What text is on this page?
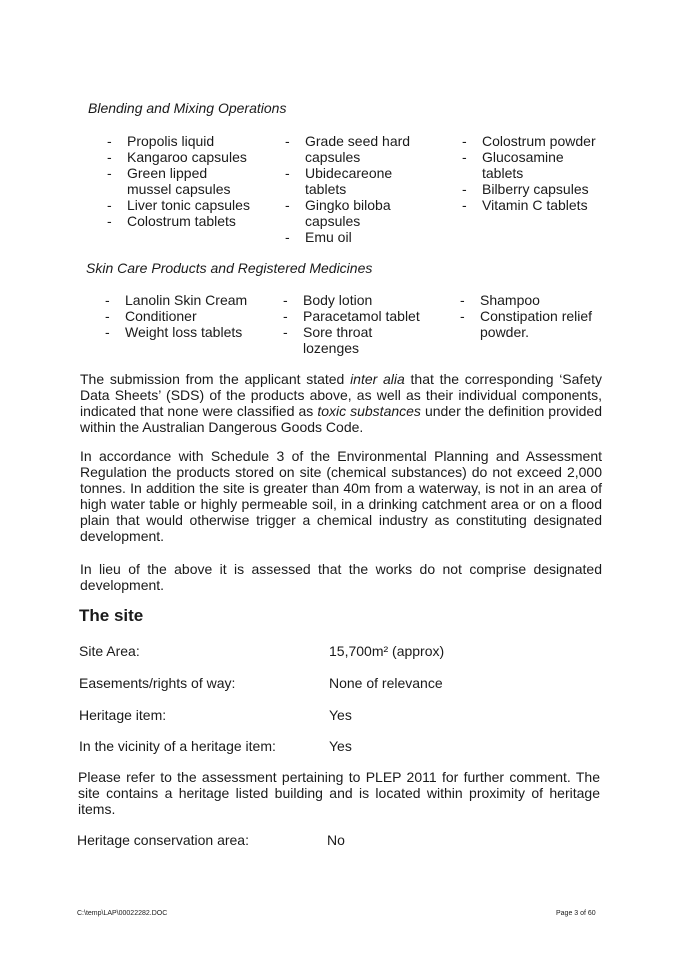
Blending and Mixing Operations
-	Propolis liquid
-	Kangaroo capsules
-	Green lipped
mussel capsules
-	Liver tonic capsules
-	Colostrum tablets
-	Grade seed hard
capsules
-	Ubidecareone
tablets
-	Gingko biloba
capsules
-	Emu oil
-	Colostrum powder
-	Glucosamine
tablets
-	Bilberry capsules
-	Vitamin C tablets
Skin Care Products and Registered Medicines
-	Lanolin Skin Cream
-	Conditioner
-	Weight loss tablets
-	Body lotion
-	Paracetamol tablet
-	Sore throat
lozenges
-	Shampoo
-	Constipation relief
powder.

The submission from the applicant stated inter alia that the corresponding ‘Safety Data Sheets’ (SDS) of the products above, as well as their individual components, indicated that none were classified as toxic substances under the definition provided within the Australian Dangerous Goods Code.

In accordance with Schedule 3 of the Environmental Planning and Assessment Regulation the products stored on site (chemical substances) do not exceed 2,000 tonnes. In addition the site is greater than 40m from a waterway, is not in an area of high water table or highly permeable soil, in a drinking catchment area or on a flood plain that would otherwise trigger a chemical industry as constituting designated development.

In lieu of the above it is assessed that the works do not comprise designated development.

The site
Site Area:	15,700m² (approx)
Easements/rights of way:	None of relevance
Heritage item:	Yes
In the vicinity of a heritage item:	Yes

Please refer to the assessment pertaining to PLEP 2011 for further comment. The site contains a heritage listed building and is located within proximity of heritage items.

Heritage conservation area:	No
C:\temp\LAP\00022282.DOC	Page 3 of 60
